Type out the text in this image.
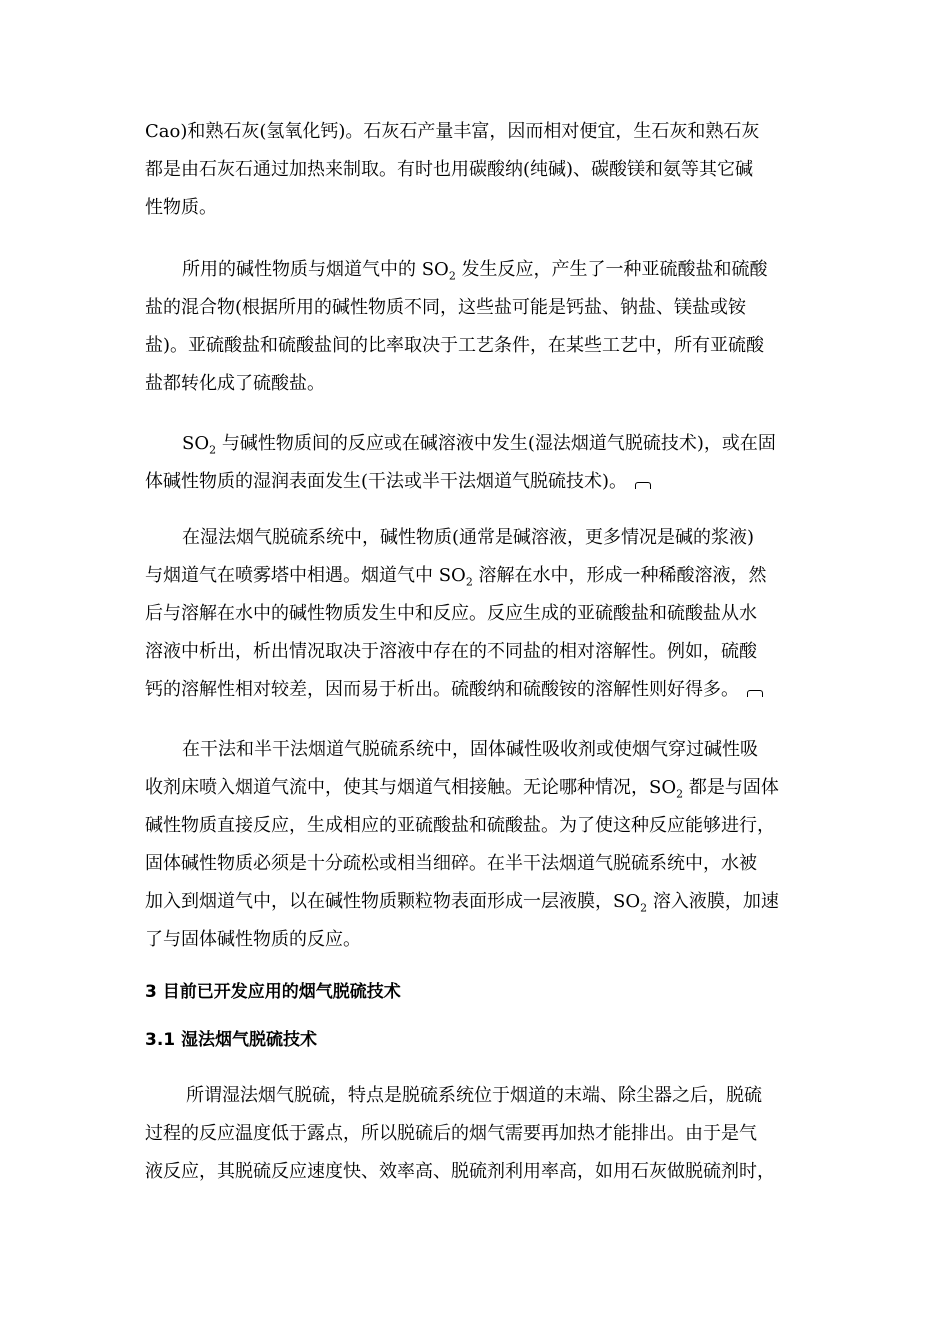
Cao)和熟石灰(氢氧化钙)。石灰石产量丰富，因而相对便宜，生石灰和熟石灰
都是由石灰石通过加热来制取。有时也用碳酸纳(纯碱)、碳酸镁和氨等其它碱
性物质。
所用的碱性物质与烟道气中的 $SO_2$ 发生反应，产生了一种亚硫酸盐和硫酸
盐的混合物(根据所用的碱性物质不同，这些盐可能是钙盐、钠盐、镁盐或铵
盐)。亚硫酸盐和硫酸盐间的比率取决于工艺条件，在某些工艺中，所有亚硫酸
盐都转化成了硫酸盐。
$SO_2$ 与碱性物质间的反应或在碱溶液中发生(湿法烟道气脱硫技术)，或在固
体碱性物质的湿润表面发生(干法或半干法烟道气脱硫技术)。
在湿法烟气脱硫系统中，碱性物质(通常是碱溶液，更多情况是碱的浆液)
与烟道气在喷雾塔中相遇。烟道气中 $SO_2$ 溶解在水中，形成一种稀酸溶液，然
后与溶解在水中的碱性物质发生中和反应。反应生成的亚硫酸盐和硫酸盐从水
溶液中析出，析出情况取决于溶液中存在的不同盐的相对溶解性。例如，硫酸
钙的溶解性相对较差，因而易于析出。硫酸纳和硫酸铵的溶解性则好得多。
在干法和半干法烟道气脱硫系统中，固体碱性吸收剂或使烟气穿过碱性吸
收剂床喷入烟道气流中，使其与烟道气相接触。无论哪种情况，$SO_2$ 都是与固体
碱性物质直接反应，生成相应的亚硫酸盐和硫酸盐。为了使这种反应能够进行，
固体碱性物质必须是十分疏松或相当细碎。在半干法烟道气脱硫系统中，水被
加入到烟道气中，以在碱性物质颗粒物表面形成一层液膜，$SO_2$ 溶入液膜，加速
了与固体碱性物质的反应。
3 目前已开发应用的烟气脱硫技术
3.1 湿法烟气脱硫技术
所谓湿法烟气脱硫，特点是脱硫系统位于烟道的末端、除尘器之后，脱硫
过程的反应温度低于露点，所以脱硫后的烟气需要再加热才能排出。由于是气
液反应，其脱硫反应速度快、效率高、脱硫剂利用率高，如用石灰做脱硫剂时，
